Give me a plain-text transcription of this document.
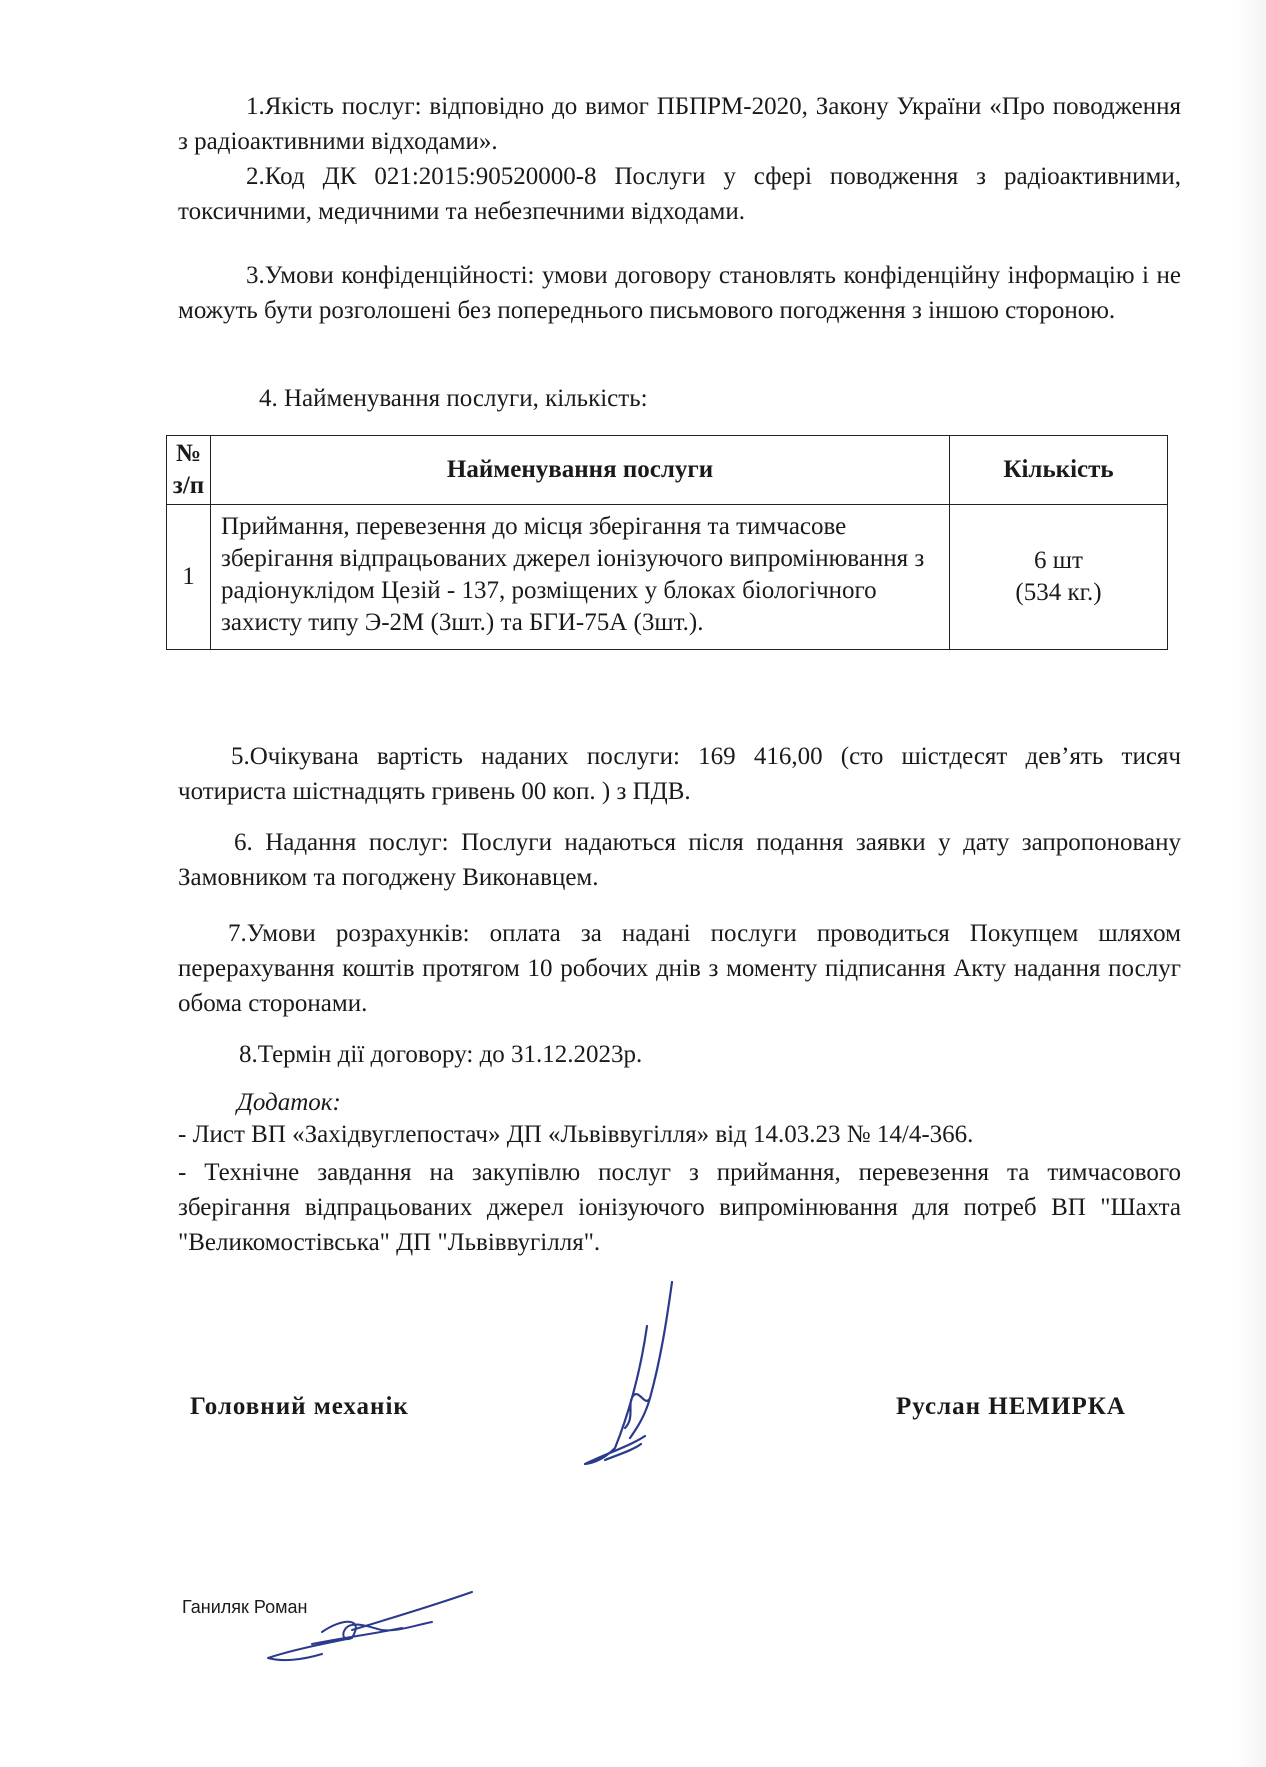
1.Якість послуг: відповідно до вимог ПБПРМ-2020, Закону України «Про поводження з радіоактивними відходами».

2.Код ДК 021:2015:90520000-8 Послуги у сфері поводження з радіоактивними, токсичними, медичними та небезпечними відходами.

3.Умови конфіденційності: умови договору становлять конфіденційну інформацію і не можуть бути розголошені без попереднього письмового погодження з іншою стороною.

4. Найменування послуги, кількість:

№ з/п	Найменування послуги	Кількість
1	Приймання, перевезення до місця зберігання та тимчасове зберігання відпрацьованих джерел іонізуючого випромінювання з радіонуклідом Цезій - 137, розміщених у блоках біологічного захисту типу Э-2М (3шт.) та БГИ-75А (3шт.).	6 шт
(534 кг.)

5.Очікувана вартість наданих послуги: 169 416,00 (сто шістдесят дев’ять тисяч чотириста шістнадцять гривень 00 коп. ) з ПДВ.

6. Надання послуг: Послуги надаються після подання заявки у дату запропоновану Замовником та погоджену Виконавцем.

7.Умови розрахунків: оплата за надані послуги проводиться Покупцем шляхом перерахування коштів протягом 10 робочих днів з моменту підписання Акту надання послуг обома сторонами.

8.Термін дії договору: до 31.12.2023р.

Додаток:

- Лист ВП «Західвуглепостач» ДП «Львіввугілля» від 14.03.23 № 14/4-366.

- Технічне завдання на закупівлю послуг з приймання, перевезення та тимчасового зберігання відпрацьованих джерел іонізуючого випромінювання для потреб ВП "Шахта "Великомостівська" ДП "Львіввугілля".

Головний механік	Руслан НЕМИРКА

Ганиляк Роман
